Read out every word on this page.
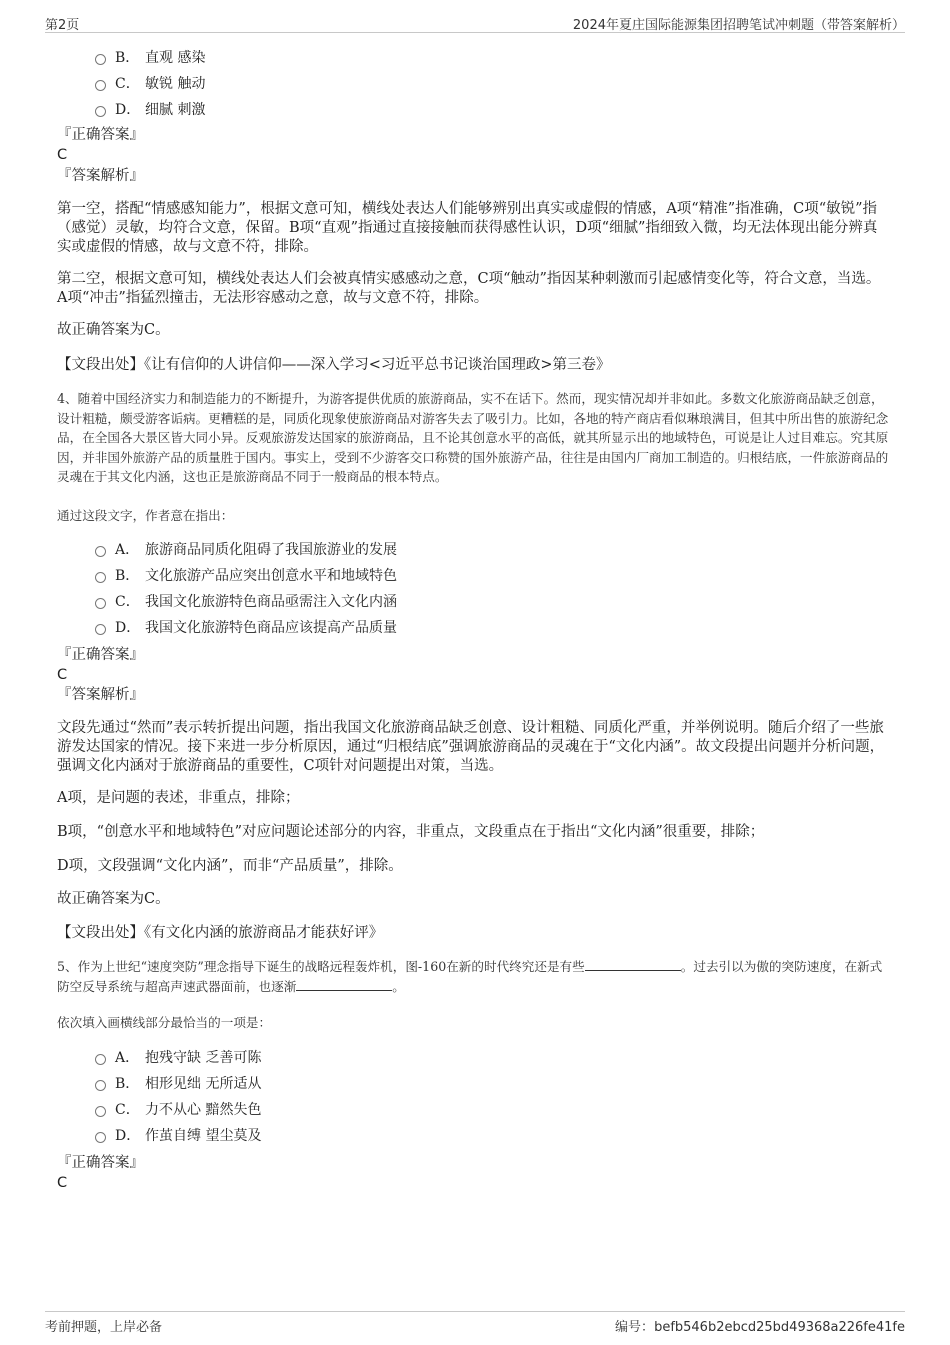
第2页	2024年夏庄国际能源集团招聘笔试冲刺题（带答案解析）
B． 直观 感染
C． 敏锐 触动
D． 细腻 刺激
『正确答案』
C
『答案解析』

第一空，搭配“情感感知能力”，根据文意可知，横线处表达人们能够辨别出真实或虚假的情感，A项“精准”指准确，C项“敏锐”指（感觉）灵敏，均符合文意，保留。B项“直观”指通过直接接触而获得感性认识，D项“细腻”指细致入微，均无法体现出能分辨真实或虚假的情感，故与文意不符，排除。

第二空，根据文意可知，横线处表达人们会被真情实感感动之意，C项“触动”指因某种刺激而引起感情变化等，符合文意，当选。A项“冲击”指猛烈撞击，无法形容感动之意，故与文意不符，排除。

故正确答案为C。

【文段出处】《让有信仰的人讲信仰——深入学习<习近平总书记谈治国理政>第三卷》

4、随着中国经济实力和制造能力的不断提升，为游客提供优质的旅游商品，实不在话下。然而，现实情况却并非如此。多数文化旅游商品缺乏创意，设计粗糙，颇受游客诟病。更糟糕的是，同质化现象使旅游商品对游客失去了吸引力。比如，各地的特产商店看似琳琅满目，但其中所出售的旅游纪念品，在全国各大景区皆大同小异。反观旅游发达国家的旅游商品，且不论其创意水平的高低，就其所显示出的地域特色，可说是让人过目难忘。究其原因，并非国外旅游产品的质量胜于国内。事实上，受到不少游客交口称赞的国外旅游产品，往往是由国内厂商加工制造的。归根结底，一件旅游商品的灵魂在于其文化内涵，这也正是旅游商品不同于一般商品的根本特点。

通过这段文字，作者意在指出：
A． 旅游商品同质化阻碍了我国旅游业的发展
B． 文化旅游产品应突出创意水平和地域特色
C． 我国文化旅游特色商品亟需注入文化内涵
D． 我国文化旅游特色商品应该提高产品质量
『正确答案』
C
『答案解析』

文段先通过“然而”表示转折提出问题，指出我国文化旅游商品缺乏创意、设计粗糙、同质化严重，并举例说明。随后介绍了一些旅游发达国家的情况。接下来进一步分析原因，通过“归根结底”强调旅游商品的灵魂在于“文化内涵”。故文段提出问题并分析问题，强调文化内涵对于旅游商品的重要性，C项针对问题提出对策，当选。

A项，是问题的表述，非重点，排除；

B项，“创意水平和地域特色”对应问题论述部分的内容，非重点，文段重点在于指出“文化内涵”很重要，排除；

D项，文段强调“文化内涵”，而非“产品质量”，排除。

故正确答案为C。

【文段出处】《有文化内涵的旅游商品才能获好评》

5、作为上世纪“速度突防”理念指导下诞生的战略远程轰炸机，图-160在新的时代终究还是有些	。过去引以为傲的突防速度，在新式防空反导系统与超高声速武器面前，也逐渐	。

依次填入画横线部分最恰当的一项是：
A． 抱残守缺 乏善可陈
B． 相形见绌 无所适从
C． 力不从心 黯然失色
D． 作茧自缚 望尘莫及
『正确答案』
C
考前押题，上岸必备	编号：befb546b2ebcd25bd49368a226fe41fe
